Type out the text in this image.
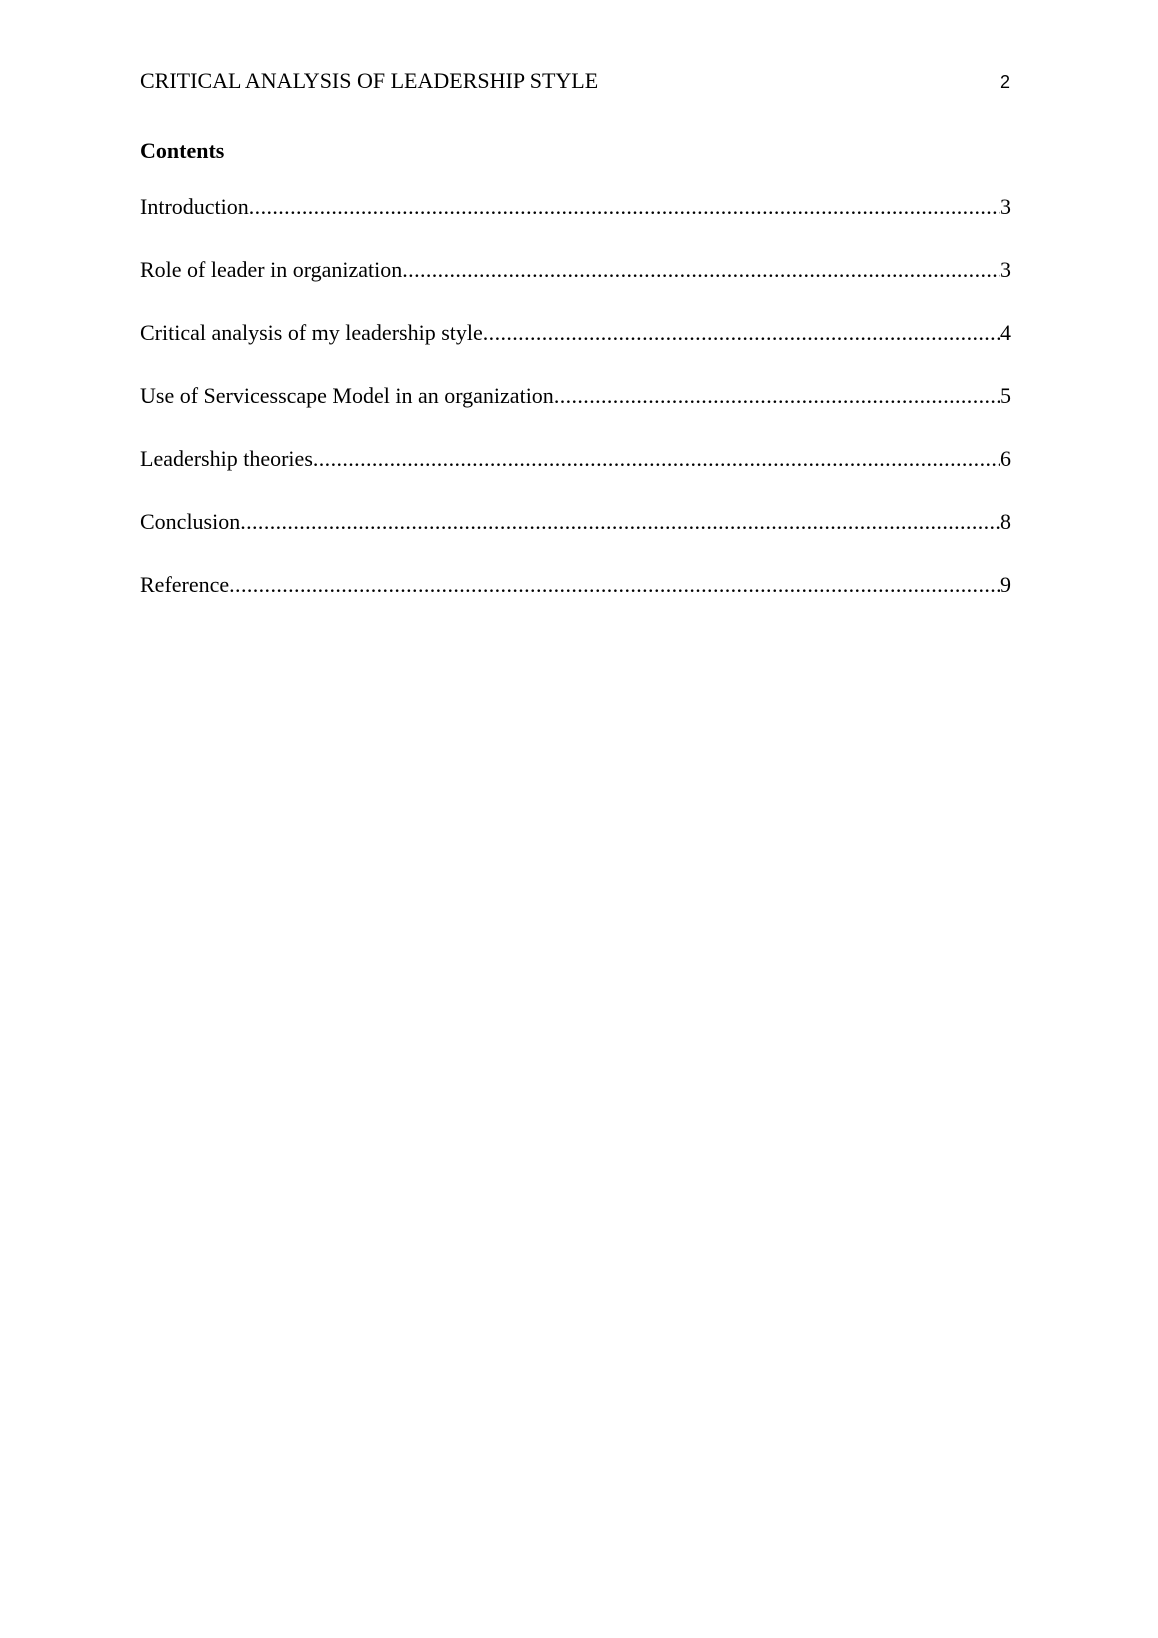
CRITICAL ANALYSIS OF LEADERSHIP STYLE	2
Contents
Introduction .....	3
Role of leader in organization .....	3
Critical analysis of my leadership style .....	4
Use of Servicesscape Model in an organization .....	5
Leadership theories .....	6
Conclusion .....	8
Reference .....	9
